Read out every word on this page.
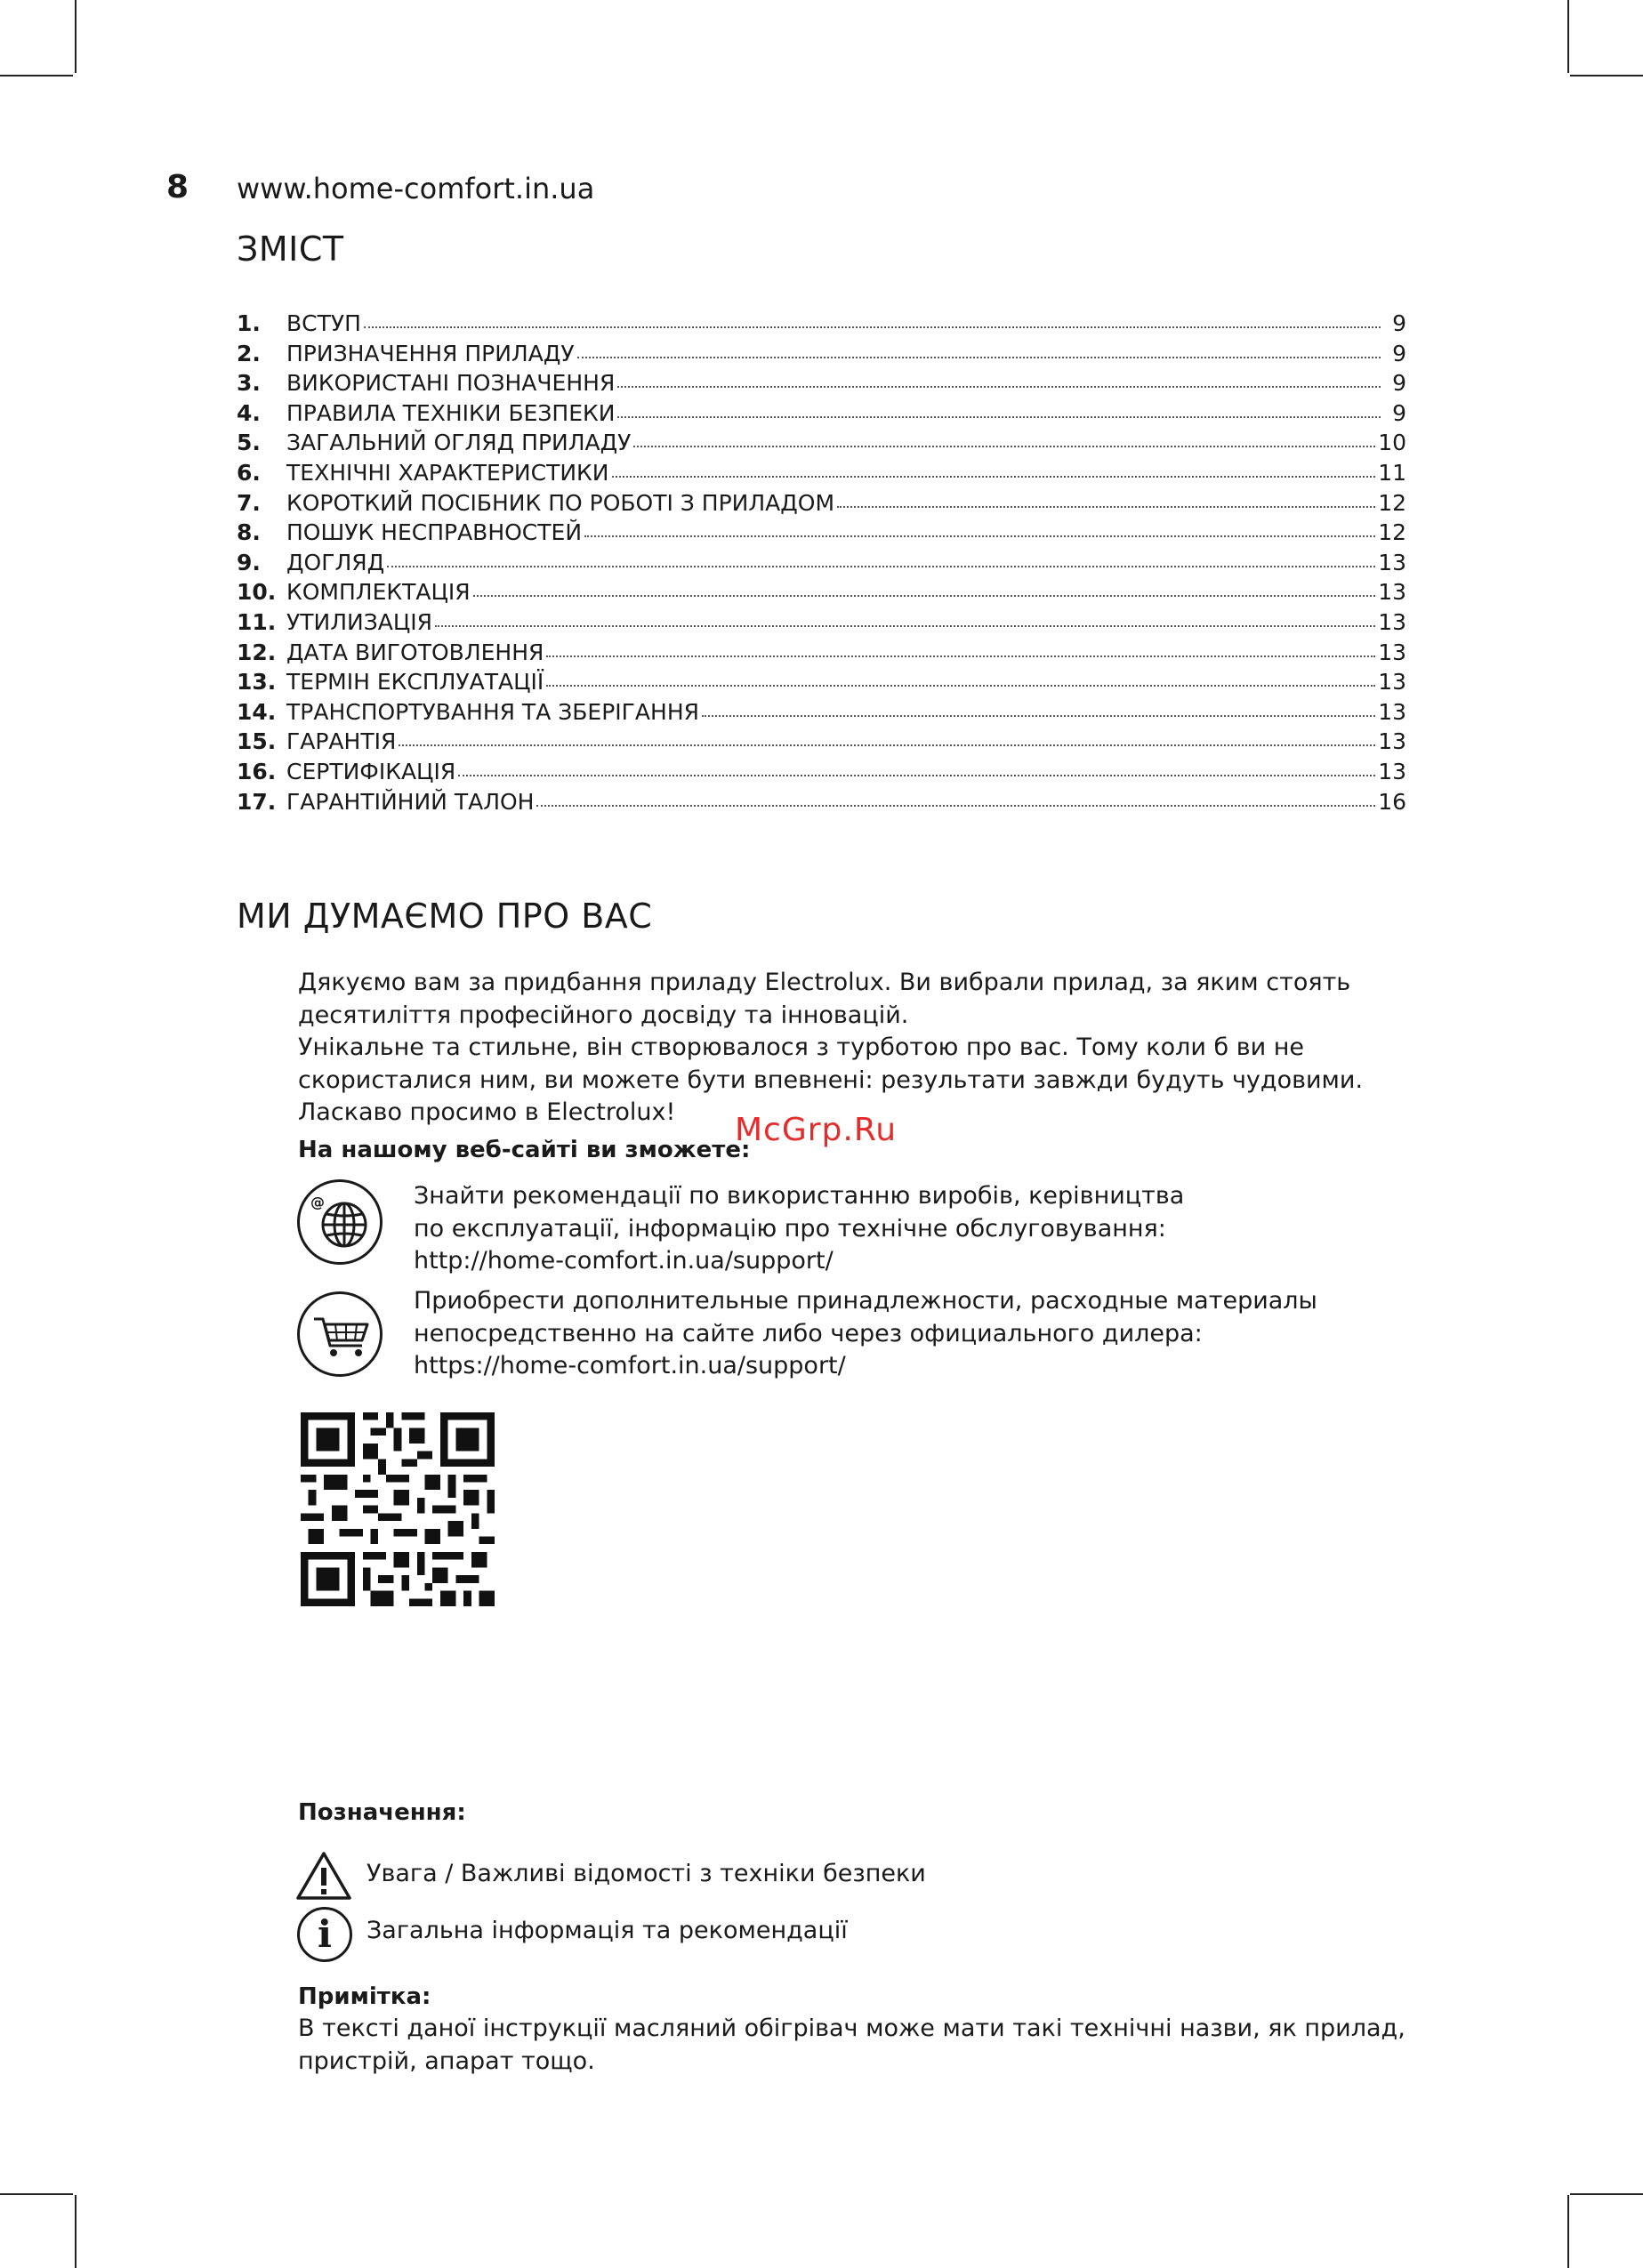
8 www.home-comfort.in.ua
ЗМІСТ
1.	ВСТУП	9
2.	ПРИЗНАЧЕННЯ ПРИЛАДУ	9
3.	ВИКОРИСТАНІ ПОЗНАЧЕННЯ	9
4.	ПРАВИЛА ТЕХНІКИ БЕЗПЕКИ	9
5.	ЗАГАЛЬНИЙ ОГЛЯД ПРИЛАДУ	10
6.	ТЕХНІЧНІ ХАРАКТЕРИСТИКИ	11
7.	КОРОТКИЙ ПОСІБНИК ПО РОБОТІ З ПРИЛАДОМ	12
8.	ПОШУК НЕСПРАВНОСТЕЙ	12
9.	ДОГЛЯД	13
10. КОМПЛЕКТАЦІЯ	13
11. УТИЛИЗАЦІЯ	13
12. ДАТА ВИГОТОВЛЕННЯ	13
13. ТЕРМІН ЕКСПЛУАТАЦІЇ	13
14. ТРАНСПОРТУВАННЯ ТА ЗБЕРІГАННЯ	13
15. ГАРАНТІЯ	13
16. СЕРТИФІКАЦІЯ	13
17. ГАРАНТІЙНИЙ ТАЛОН	16
МИ ДУМАЄМО ПРО ВАС
Дякуємо вам за придбання приладу Electrolux. Ви вибрали прилад, за яким стоять
десятиліття професійного досвіду та інновацій.
Унікальне та стильне, він створювалося з турботою про вас. Тому коли б ви не
скористалися ним, ви можете бути впевнені: результати завжди будуть чудовими.
Ласкаво просимо в Electrolux!
На нашому веб-сайті ви зможете:
McGrp.Ru
@	Знайти рекомендації по використанню виробів, керівництва
по експлуатації, інформацію про технічне обслуговування:
http://home-comfort.in.ua/support/
Приобрести дополнительные принадлежности, расходные материалы
непосредственно на сайте либо через официального дилера:
https://home-comfort.in.ua/support/
Позначення:
Увага / Важливі відомості з техніки безпеки
i	Загальна інформація та рекомендації
Примітка:
В тексті даної інструкції масляний обігрівач може мати такі технічні назви, як прилад,
пристрій, апарат тощо.
